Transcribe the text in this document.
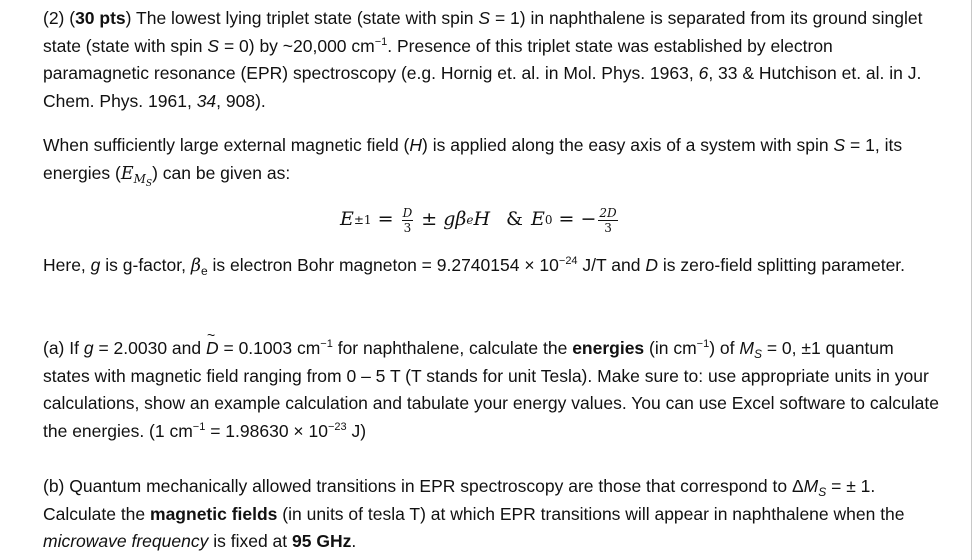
(2) (30 pts) The lowest lying triplet state (state with spin S = 1) in naphthalene is separated from its ground singlet state (state with spin S = 0) by ~20,000 $cm^{-1}$. Presence of this triplet state was established by electron paramagnetic resonance (EPR) spectroscopy (e.g. Hornig et. al. in Mol. Phys. 1963, 6, 33 & Hutchison et. al. in J. Chem. Phys. 1961, 34, 908).

When sufficiently large external magnetic field (H) is applied along the easy axis of a system with spin S = 1, its energies $(E_{M_S})$ can be given as:

$E \pm 1 = \frac{D}{3} \pm g\beta$ e H & E 0 = − $\frac{2D}{3}$

Here, g is g-factor, $\beta_e$ is electron Bohr magneton = $9.2740154 \times 10^{-24}$ J/T and D is zero-field splitting parameter.

(a) If g = 2.0030 and ~ D = 0.1003 $cm^{-1}$ for naphthalene, calculate the energies (in $cm^{-1}$) of $M_S = 0$, ±1 quantum states with magnetic field ranging from 0 – 5 T (T stands for unit Tesla). Make sure to: use appropriate units in your calculations, show an example calculation and tabulate your energy values. You can use Excel software to calculate the energies. (1 $cm^{-1} = 1.98630 \times 10^{-23}$ J)

(b) Quantum mechanically allowed transitions in EPR spectroscopy are those that correspond to $\Delta M_S$ = ± 1. Calculate the magnetic fields (in units of tesla T) at which EPR transitions will appear in naphthalene when the microwave frequency is fixed at 95 GHz.
